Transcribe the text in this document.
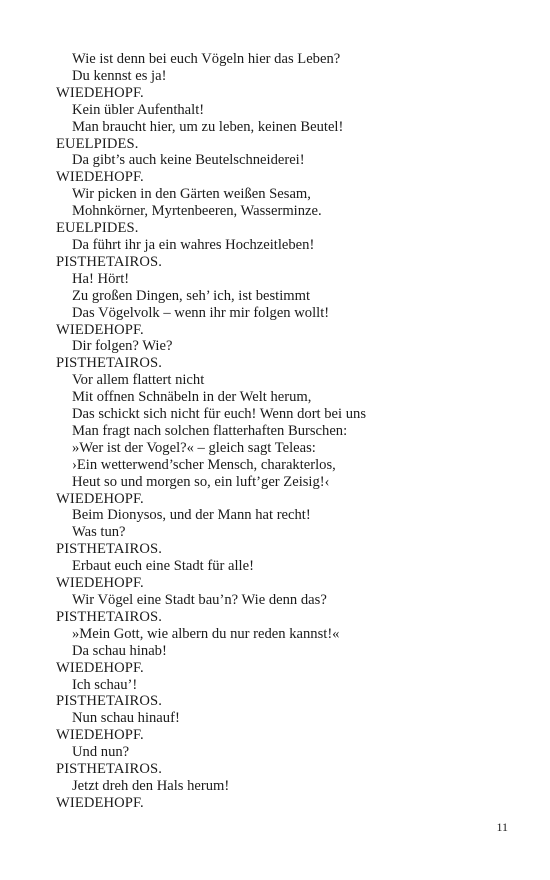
Wie ist denn bei euch Vögeln hier das Leben?
Du kennst es ja!
WIEDEHOPF.
Kein übler Aufenthalt!
Man braucht hier, um zu leben, keinen Beutel!
EUELPIDES.
Da gibt’s auch keine Beutelschneiderei!
WIEDEHOPF.
Wir picken in den Gärten weißen Sesam,
Mohnkörner, Myrtenbeeren, Wasserminze.
EUELPIDES.
Da führt ihr ja ein wahres Hochzeitleben!
PISTHETAIROS.
Ha! Hört!
Zu großen Dingen, seh’ ich, ist bestimmt
Das Vögelvolk – wenn ihr mir folgen wollt!
WIEDEHOPF.
Dir folgen? Wie?
PISTHETAIROS.
Vor allem flattert nicht
Mit offnen Schnäbeln in der Welt herum,
Das schickt sich nicht für euch! Wenn dort bei uns
Man fragt nach solchen flatterhaften Burschen:
»Wer ist der Vogel?« – gleich sagt Teleas:
›Ein wetterwend’scher Mensch, charakterlos,
Heut so und morgen so, ein luft’ger Zeisig!‹
WIEDEHOPF.
Beim Dionysos, und der Mann hat recht!
Was tun?
PISTHETAIROS.
Erbaut euch eine Stadt für alle!
WIEDEHOPF.
Wir Vögel eine Stadt bau’n? Wie denn das?
PISTHETAIROS.
»Mein Gott, wie albern du nur reden kannst!«
Da schau hinab!
WIEDEHOPF.
Ich schau’!
PISTHETAIROS.
Nun schau hinauf!
WIEDEHOPF.
Und nun?
PISTHETAIROS.
Jetzt dreh den Hals herum!
WIEDEHOPF.
11
